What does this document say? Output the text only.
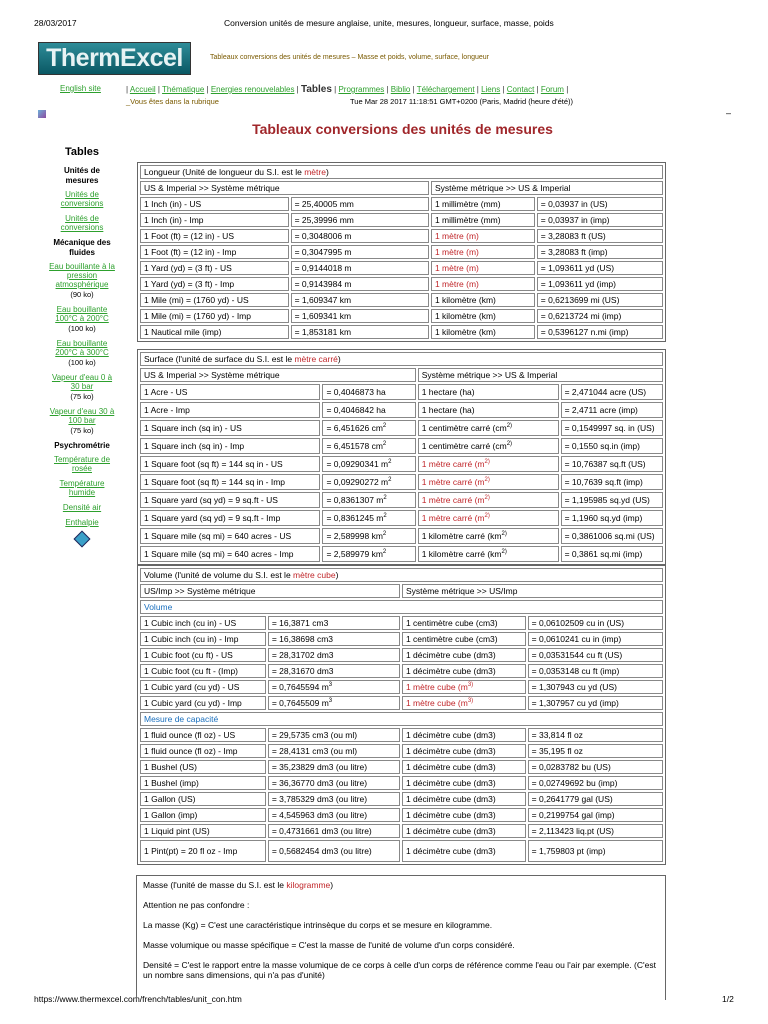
28/03/2017	Conversion unités de mesure anglaise, unite, mesures, longueur, surface, masse, poids
https://www.thermexcel.com/french/tables/unit_con.htm	1/2
ThermExcel	Tableaux conversions des unités de mesures – Masse et poids, volume, surface, longueur
English site
–
| Accueil | Thématique | Energies renouvelables | Tables | Programmes | Biblio | Téléchargement | Liens | Contact | Forum |
_Vous êtes dans la rubrique	Tue Mar 28 2017 11:18:51 GMT+0200 (Paris, Madrid (heure d'été))
Tableaux conversions des unités de mesures
Tables
Unités de mesures
Unités de conversions
Unités de conversions
Mécanique des fluides
Eau bouillante à la pression atmosphérique
(90 ko)
Eau bouillante 100°C à 200°C
(100 ko)
Eau bouillante 200°C à 300°C
(100 ko)
Vapeur d'eau 0 à 30 bar
(75 ko)
Vapeur d'eau 30 à 100 bar
(75 ko)
Psychrométrie
Température de rosée
Température humide
Densité air
Enthalpie
Longueur (Unité de longueur du S.I. est le mètre)			
US & Imperial >> Système métrique		Système métrique >> US & Imperial	
1 Inch (in) - US	= 25,40005 mm	1 millimètre (mm)	= 0,03937 in (US)
1 Inch (in) - Imp	= 25,39996 mm	1 millimètre (mm)	= 0,03937 in (imp)
1 Foot (ft) = (12 in) - US	= 0,3048006 m	1 mètre (m)	= 3,28083 ft (US)
1 Foot (ft) = (12 in) - Imp	= 0,3047995 m	1 mètre (m)	= 3,28083 ft (imp)
1 Yard (yd) = (3 ft) - US	= 0,9144018 m	1 mètre (m)	= 1,093611 yd (US)
1 Yard (yd) = (3 ft) - Imp	= 0,9143984 m	1 mètre (m)	= 1,093611 yd (imp)
1 Mile (mi) = (1760 yd) - US	= 1,609347 km	1 kilomètre (km)	= 0,6213699 mi (US)
1 Mile (mi) = (1760 yd) - Imp	= 1,609341 km	1 kilomètre (km)	= 0,6213724 mi (imp)
1 Nautical mile (imp)	= 1,853181 km	1 kilomètre (km)	= 0,5396127 n.mi (imp)
Surface (l'unité de surface du S.I. est le mètre carré)			
US & Imperial >> Système métrique		Système métrique >> US & Imperial	
1 Acre - US	= 0,4046873 ha	1 hectare (ha)	= 2,471044 acre (US)
1 Acre - Imp	= 0,4046842 ha	1 hectare (ha)	= 2,4711 acre (imp)
1 Square inch (sq in) - US	= 6,451626 $cm^2$	1 centimètre carré ($cm^{2)}$	= 0,1549997 sq. in (US)
1 Square inch (sq in) - Imp	= 6,451578 $cm^2$	1 centimètre carré ($cm^{2)}$	= 0,1550 sq.in (imp)
1 Square foot (sq ft) = 144 sq in - US	= 0,09290341 $m^2$	1 mètre carré ($m^{2)}$	= 10,76387 sq.ft (US)
1 Square foot (sq ft) = 144 sq in - Imp	= 0,09290272 $m^2$	1 mètre carré ($m^{2)}$	= 10,7639 sq.ft (imp)
1 Square yard (sq yd) = 9 sq.ft - US	= 0,8361307 $m^2$	1 mètre carré ($m^{2)}$	= 1,195985 sq.yd (US)
1 Square yard (sq yd) = 9 sq.ft - Imp	= 0,8361245 $m^2$	1 mètre carré ($m^{2)}$	= 1,1960 sq.yd (imp)
1 Square mile (sq mi) = 640 acres - US	= 2,589998 $km^2$	1 kilomètre carré ($km^{2)}$	= 0,3861006 sq.mi (US)
1 Square mile (sq mi) = 640 acres - Imp	= 2,589979 $km^2$	1 kilomètre carré ($km^{2)}$	= 0,3861 sq.mi (imp)
Volume (l'unité de volume du S.I. est le mètre cube)			
US/Imp >> Système métrique		Système métrique >> US/Imp	
Volume			
1 Cubic inch (cu in) - US	= 16,3871 cm3	1 centimètre cube (cm3)	= 0,06102509 cu in (US)
1 Cubic inch (cu in) - Imp	= 16,38698 cm3	1 centimètre cube (cm3)	= 0,0610241 cu in (imp)
1 Cubic foot (cu ft) - US	= 28,31702 dm3	1 décimètre cube (dm3)	= 0,03531544 cu ft (US)
1 Cubic foot (cu ft - (Imp)	= 28,31670 dm3	1 décimètre cube (dm3)	= 0,0353148 cu ft (imp)
1 Cubic yard (cu yd) - US	= 0,7645594 $m^3$	1 mètre cube ($m^{3)}$	= 1,307943 cu yd (US)
1 Cubic yard (cu yd) - Imp	= 0,7645509 $m^3$	1 mètre cube ($m^{3)}$	= 1,307957 cu yd (imp)
Mesure de capacité			
1 fluid ounce (fl oz) - US	= 29,5735 cm3 (ou ml)	1 décimètre cube (dm3)	= 33,814 fl oz
1 fluid ounce (fl oz) - Imp	= 28,4131 cm3 (ou ml)	1 décimètre cube (dm3)	= 35,195 fl oz
1 Bushel (US)	= 35,23829 dm3 (ou litre)	1 décimètre cube (dm3)	= 0,0283782 bu (US)
1 Bushel (imp)	= 36,36770 dm3 (ou litre)	1 décimètre cube (dm3)	= 0,02749692 bu (imp)
1 Gallon (US)	= 3,785329 dm3 (ou litre)	1 décimètre cube (dm3)	= 0,2641779 gal (US)
1 Gallon (imp)	= 4,545963 dm3 (ou litre)	1 décimètre cube (dm3)	= 0,2199754 gal (imp)
1 Liquid pint (US)	= 0,4731661 dm3 (ou litre)	1 décimètre cube (dm3)	= 2,113423 liq.pt (US)
1 Pint(pt) = 20 fl oz - Imp	= 0,5682454 dm3 (ou litre)	1 décimètre cube (dm3)	= 1,759803 pt (imp)

Masse (l'unité de masse du S.I. est le kilogramme)

Attention ne pas confondre :

La masse (Kg) = C'est une caractéristique intrinsèque du corps et se mesure en kilogramme.

Masse volumique ou masse spécifique = C'est la masse de l'unité de volume d'un corps considéré.

Densité = C'est le rapport entre la masse volumique de ce corps à celle d'un corps de référence comme l'eau ou l'air par exemple. (C'est un nombre sans dimensions, qui n'a pas d'unité)
